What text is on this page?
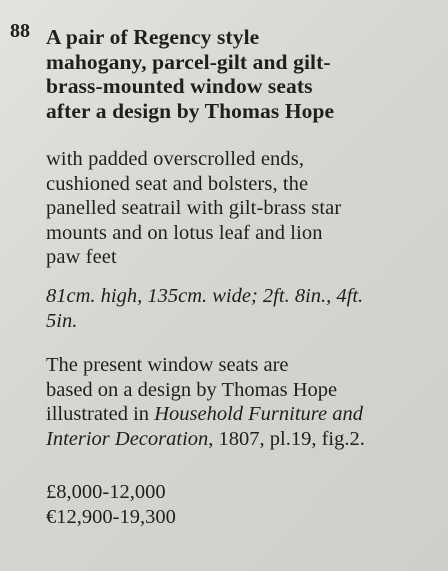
88 A pair of Regency style
mahogany, parcel-gilt and gilt-
brass-mounted window seats
after a design by Thomas Hope
with padded overscrolled ends,
cushioned seat and bolsters, the
panelled seatrail with gilt-brass star
mounts and on lotus leaf and lion
paw feet
81cm. high, 135cm. wide; 2ft. 8in., 4ft.
5in.
The present window seats are
based on a design by Thomas Hope
illustrated in Household Furniture and
Interior Decoration, 1807, pl.19, fig.2.
£8,000-12,000
€12,900-19,300
